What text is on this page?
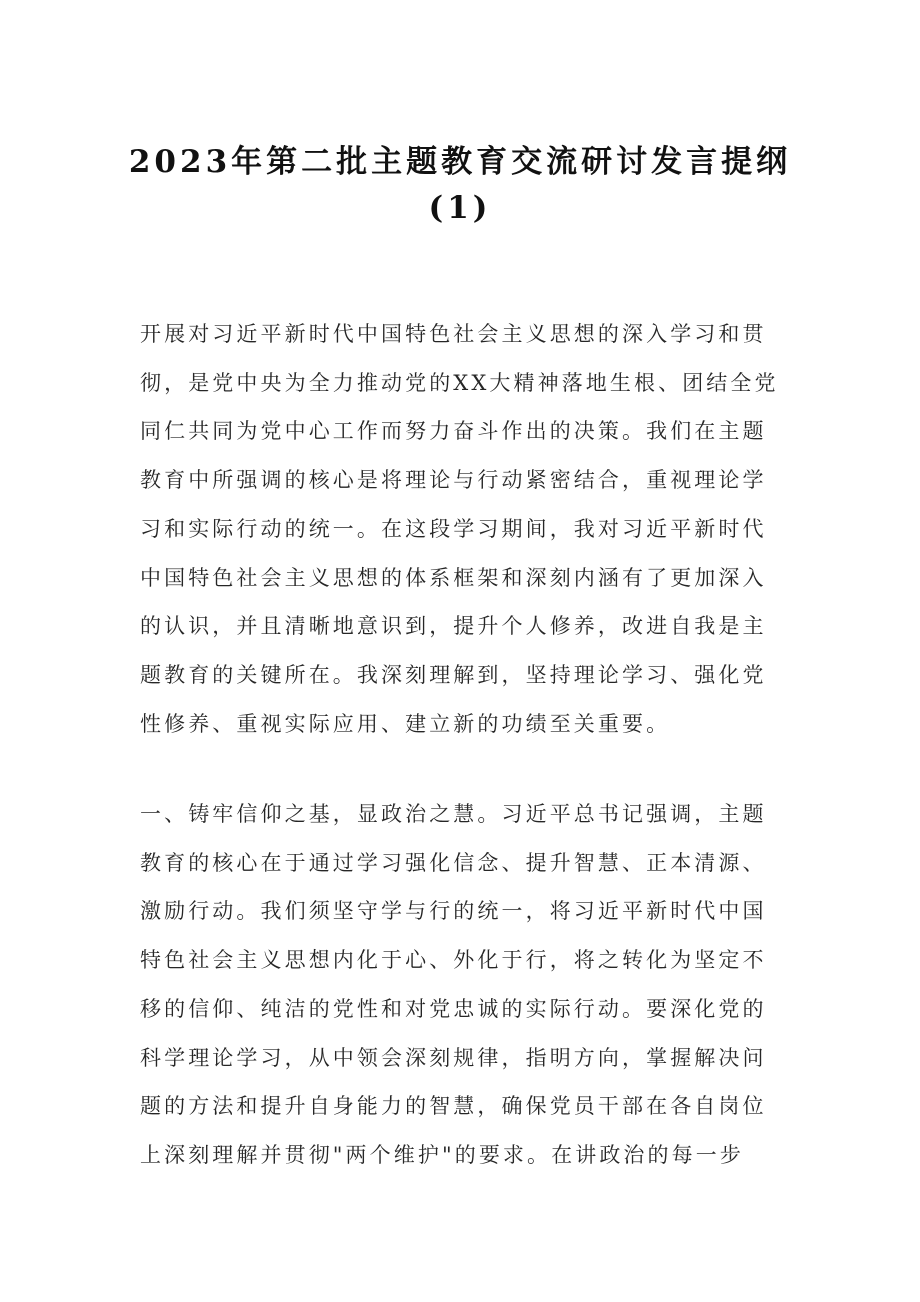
2023年第二批主题教育交流研讨发言提纲
(1)

开展对习近平新时代中国特色社会主义思想的深入学习和贯彻，是党中央为全力推动党的XX大精神落地生根、团结全党同仁共同为党中心工作而努力奋斗作出的决策。我们在主题教育中所强调的核心是将理论与行动紧密结合，重视理论学习和实际行动的统一。在这段学习期间，我对习近平新时代中国特色社会主义思想的体系框架和深刻内涵有了更加深入的认识，并且清晰地意识到，提升个人修养，改进自我是主题教育的关键所在。我深刻理解到，坚持理论学习、强化党性修养、重视实际应用、建立新的功绩至关重要。

一、铸牢信仰之基，显政治之慧。习近平总书记强调，主题教育的核心在于通过学习强化信念、提升智慧、正本清源、激励行动。我们须坚守学与行的统一，将习近平新时代中国特色社会主义思想内化于心、外化于行，将之转化为坚定不移的信仰、纯洁的党性和对党忠诚的实际行动。要深化党的科学理论学习，从中领会深刻规律，指明方向，掌握解决问题的方法和提升自身能力的智慧，确保党员干部在各自岗位上深刻理解并贯彻"两个维护"的要求。在讲政治的每一步
